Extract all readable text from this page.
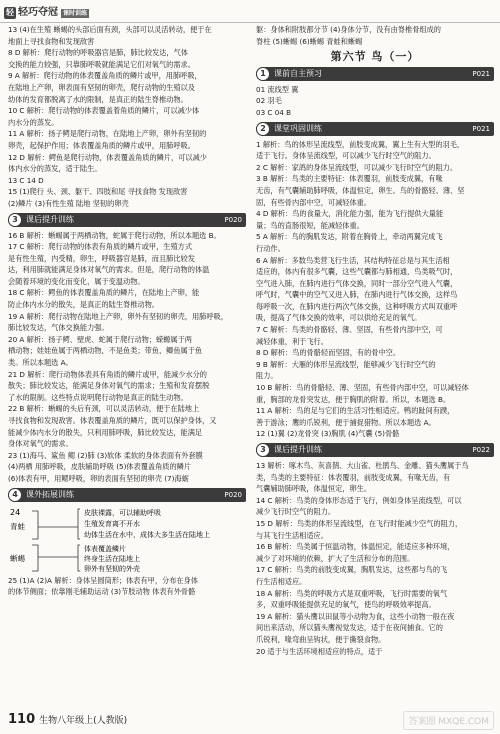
轻 轻巧夺冠 课时训练

13 (4)在生殖 蜥蜴的头部后面有颈，头部可以灵活转动，便于在

地面上寻找食物和发现敌害

8 D 解析：爬行动物的呼吸器官是肺，肺比较发达，气体

交换的能力较强，只靠肺呼吸就能满足它们对氧气的需求。

9 A 解析：爬行动物的体表覆盖角质的鳞片或甲，用肺呼吸，

在陆地上产卵，卵表面有坚韧的卵壳，爬行动物的生殖以及

幼体的发育都脱离了水的限制，是真正的陆生脊椎动物。

10 C 解析：爬行动物的体表覆盖着角质的鳞片，可以减少体

内水分的蒸发。

11 A 解析：扬子鳄是爬行动物，在陆地上产卵，卵外有坚韧的

卵壳，起保护作用；体表覆盖角质的鳞片或甲，用肺呼吸。

12 D 解析：鳄鱼是爬行动物，体表覆盖角质的鳞片，可以减少

体内水分的蒸发，适于陆生。

13 C 14 D

15 (1)爬行 头、颈、躯干、四肢和尾 寻找食物 发现敌害

(2)鳞片 (3)有性生殖 陆地 坚韧的卵壳

3 课后提升训练	P020

16 B 解析：蜥蜴属于两栖动物，蛇属于爬行动物，所以本题选 B。

17 C 解析：爬行动物的体表有角质的鳞片或甲，生殖方式

是有性生殖，内受精，卵生，呼吸器官是肺，而且肺比较发

达，利用肺就能满足身体对氧气的需求。但是，爬行动物的体温

会随着环境的变化而变化，属于变温动物。

18 C 解析：鳄鱼的体表覆盖角质的鳞片，在陆地上产卵，能

防止体内水分的散失，是真正的陆生脊椎动物。

19 A 解析：爬行动物在陆地上产卵，卵外有坚韧的卵壳，用肺呼吸，

肺比较发达，气体交换能力强。

20 A 解析：扬子鳄、壁虎、蛇属于爬行动物；蝾螈属于两

栖动物；娃娃鱼属于两栖动物，不是鱼类；带鱼、鲫鱼属于鱼

类。所以本题选 A。

21 D 解析：爬行动物体表具有角质的鳞片或甲，能减少水分的

散失；肺比较发达，能满足身体对氧气的需求；生殖和发育摆脱

了水的限制。这些特点说明爬行动物是真正的陆生动物。

22 B 解析：蜥蜴的头后有颈，可以灵活转动，便于在陆地上

寻找食物和发现敌害。体表覆盖角质的鳞片，既可以保护身体，又

能减少体内水分的散失，只利用肺呼吸，肺比较发达，能满足

身体对氧气的需求。

23 (1)海马、鲨鱼 鳃 (2)肺 (3)软体 柔软的身体表面有外套膜

(4)两栖 用肺呼吸，皮肤辅助呼吸 (5)体表覆盖角质的鳞片

(6)体表有甲，用鳃呼吸，卵的表面有坚韧的卵壳 (7)海蛎

4 课外拓展训练	P020
24
青蛙
蜥蜴
皮肤裸露，可以辅助呼吸
生殖发育离不开水
幼体生活在水中，成体大多生活在陆地上
体表覆盖鳞片
终身生活在陆地上
卵外有坚韧的外壳

25 (1)A (2)A 解析：身体呈圆筒形；体表有甲，分布在身体

的体节侧面；依靠刚毛辅助运动 (3)节肢动物 体表有外骨骼

躯：身体和附肢都分节 (4)身体分节，没有由脊椎骨组成的

脊柱 (5)蜥蜴 (6)蜥蜴 青蛙和蜥蜴

第六节 鸟（一）
1 课前自主预习	P021

01 流线型 翼

02 羽毛

03 C 04 B

2 课堂巩固训练	P021

1 解析：鸟的体形呈流线型，前肢变成翼，翼上生有大型的羽毛，

适于飞行。身体呈流线型，可以减少飞行时空气的阻力。

2 C 解析：家鸽的身体呈流线型，可以减少飞行时空气的阻力。

3 B 解析：鸟类的主要特征：体表覆羽，前肢变成翼，有喙

无齿，有气囊辅助肺呼吸，体温恒定，卵生。鸟的骨骼轻、薄、坚

固，有些骨内部中空，可减轻体重。

4 D 解析：鸟的食量大，消化能力强，能为飞行提供大量能

量；鸟的直肠很短，能减轻体重。

5 A 解析：鸟的胸肌发达，附着在胸骨上，牵动两翼完成飞

行动作。

6 A 解析：多数鸟类营飞行生活，其结构特征总是与其生活相

适应的，体内有很多气囊，这些气囊都与肺相通，鸟类吸气时，

空气进入肺，在肺内进行气体交换，同时一部分空气进入气囊，

呼气时，气囊中的空气又进入肺，在肺内进行气体交换，这样鸟

每呼吸一次，在肺内进行两次气体交换，这种呼吸方式叫双重呼

吸，提高了气体交换的效率，可以供给充足的氧气。

7 C 解析：鸟类的骨骼轻、薄、坚固，有些骨内部中空，可

减轻体重，利于飞行。

8 D 解析：鸟的骨骼轻而坚固，有的骨中空。

9 B 解析：大雁的体形呈流线型，能够减少飞行时空气的

阻力。

10 B 解析：鸟的骨骼轻、薄、坚固，有些骨内部中空，可以减轻体

重，胸部的龙骨突发达，便于胸肌的附着。所以，本题选 B。

11 A 解析：鸟的足与它们的生活习性相适应。鸭的趾间有蹼，

善于游泳；鹰的爪锐利，便于捕捉猎物。所以本题选 A。

12 (1)翼 (2)龙骨突 (3)胸肌 (4)气囊 (5)骨骼

3 课后提升训练	P022

13 解析：啄木鸟、灰喜鹊、大山雀、杜鹃鸟、金雕、猫头鹰属于鸟

类，鸟类的主要特征：体表覆羽，前肢变成翼，有喙无齿，有

气囊辅助肺呼吸，体温恒定，卵生。

14 C 解析：鸟类的身体形态适于飞行，例如身体呈流线型，可以

减少飞行时空气的阻力。

15 D 解析：鸟类的体形呈流线型，在飞行时能减少空气的阻力，

与其飞行生活相适应。

16 B 解析：鸟类属于恒温动物，体温恒定，能适应多种环境，

减少了对环境的依赖，扩大了生活和分布的范围。

17 C 解析：鸟类的前肢变成翼，胸肌发达，这些都与鸟的飞

行生活相适应。

18 A 解析：鸟类的呼吸方式是双重呼吸，飞行时需要的氧气

多，双重呼吸能提供充足的氧气，使鸟的呼吸效率提高。

19 A 解析：猫头鹰以田鼠等小动物为食，这些小动物一般在夜

间出来活动，所以猫头鹰视觉发达，适于在夜间捕食。它的

爪锐利，喙弯曲呈钩状，便于撕裂食物。

20 适于与生活环境相适应的特点，适于

110 生物八年级上(人教版)	答案圈 MXQE.COM
